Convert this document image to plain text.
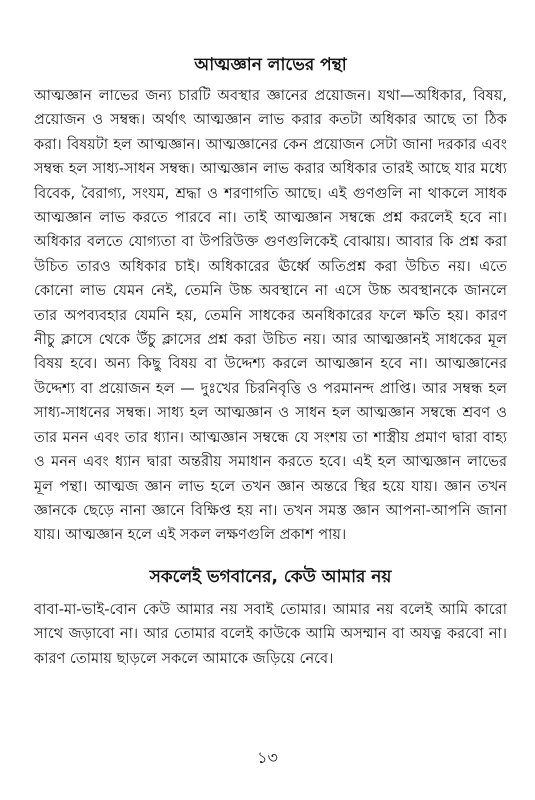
আত্মজ্ঞান লাভের পন্থা

আত্মজ্ঞান লাভের জন্য চারটি অবস্থার জ্ঞানের প্রয়োজন। যথা—অধিকার, বিষয়, প্রয়োজন ও সম্বন্ধ। অর্থাৎ আত্মজ্ঞান লাভ করার কতটা অধিকার আছে তা ঠিক করা। বিষয়টা হল আত্মজ্ঞান। আত্মজ্ঞানের কেন প্রয়োজন সেটা জানা দরকার এবং সম্বন্ধ হল সাধ্য-সাধন সম্বন্ধ। আত্মজ্ঞান লাভ করার অধিকার তারই আছে যার মধ্যে বিবেক, বৈরাগ্য, সংযম, শ্রদ্ধা ও শরণাগতি আছে। এই গুণগুলি না থাকলে সাধক আত্মজ্ঞান লাভ করতে পারবে না। তাই আত্মজ্ঞান সম্বন্ধে প্রশ্ন করলেই হবে না। অধিকার বলতে যোগ্যতা বা উপরিউক্ত গুণগুলিকেই বোঝায়। আবার কি প্রশ্ন করা উচিত তারও অধিকার চাই। অধিকারের ঊর্ধ্বে অতিপ্রশ্ন করা উচিত নয়। এতে কোনো লাভ যেমন নেই, তেমনি উচ্চ অবস্থানে না এসে উচ্চ অবস্থানকে জানলে তার অপব্যবহার যেমনি হয়, তেমনি সাধকের অনধিকারের ফলে ক্ষতি হয়। কারণ নীচু ক্লাসে থেকে উঁচু ক্লাসের প্রশ্ন করা উচিত নয়। আর আত্মজ্ঞানই সাধকের মূল বিষয় হবে। অন্য কিছু বিষয় বা উদ্দেশ্য করলে আত্মজ্ঞান হবে না। আত্মজ্ঞানের উদ্দেশ্য বা প্রয়োজন হল — দুঃখের চিরনিবৃত্তি ও পরমানন্দ প্রাপ্তি। আর সম্বন্ধ হল সাধ্য-সাধনের সম্বন্ধ। সাধ্য হল আত্মজ্ঞান ও সাধন হল আত্মজ্ঞান সম্বন্ধে শ্রবণ ও তার মনন এবং তার ধ্যান। আত্মজ্ঞান সম্বন্ধে যে সংশয় তা শাস্ত্রীয় প্রমাণ দ্বারা বাহ্য ও মনন এবং ধ্যান দ্বারা অন্তরীয় সমাধান করতে হবে। এই হল আত্মজ্ঞান লাভের মূল পন্থা। আত্মজ জ্ঞান লাভ হলে তখন জ্ঞান অন্তরে স্থির হয়ে যায়। জ্ঞান তখন জ্ঞানকে ছেড়ে নানা জ্ঞানে বিক্ষিপ্ত হয় না। তখন সমস্ত জ্ঞান আপনা-আপনি জানা যায়। আত্মজ্ঞান হলে এই সকল লক্ষণগুলি প্রকাশ পায়।

সকলেই ভগবানের, কেউ আমার নয়

বাবা-মা-ভাই-বোন কেউ আমার নয় সবাই তোমার। আমার নয় বলেই আমি কারো সাথে জড়াবো না। আর তোমার বলেই কাউকে আমি অসম্মান বা অযত্ন করবো না। কারণ তোমায় ছাড়লে সকলে আমাকে জড়িয়ে নেবে।

১৩
